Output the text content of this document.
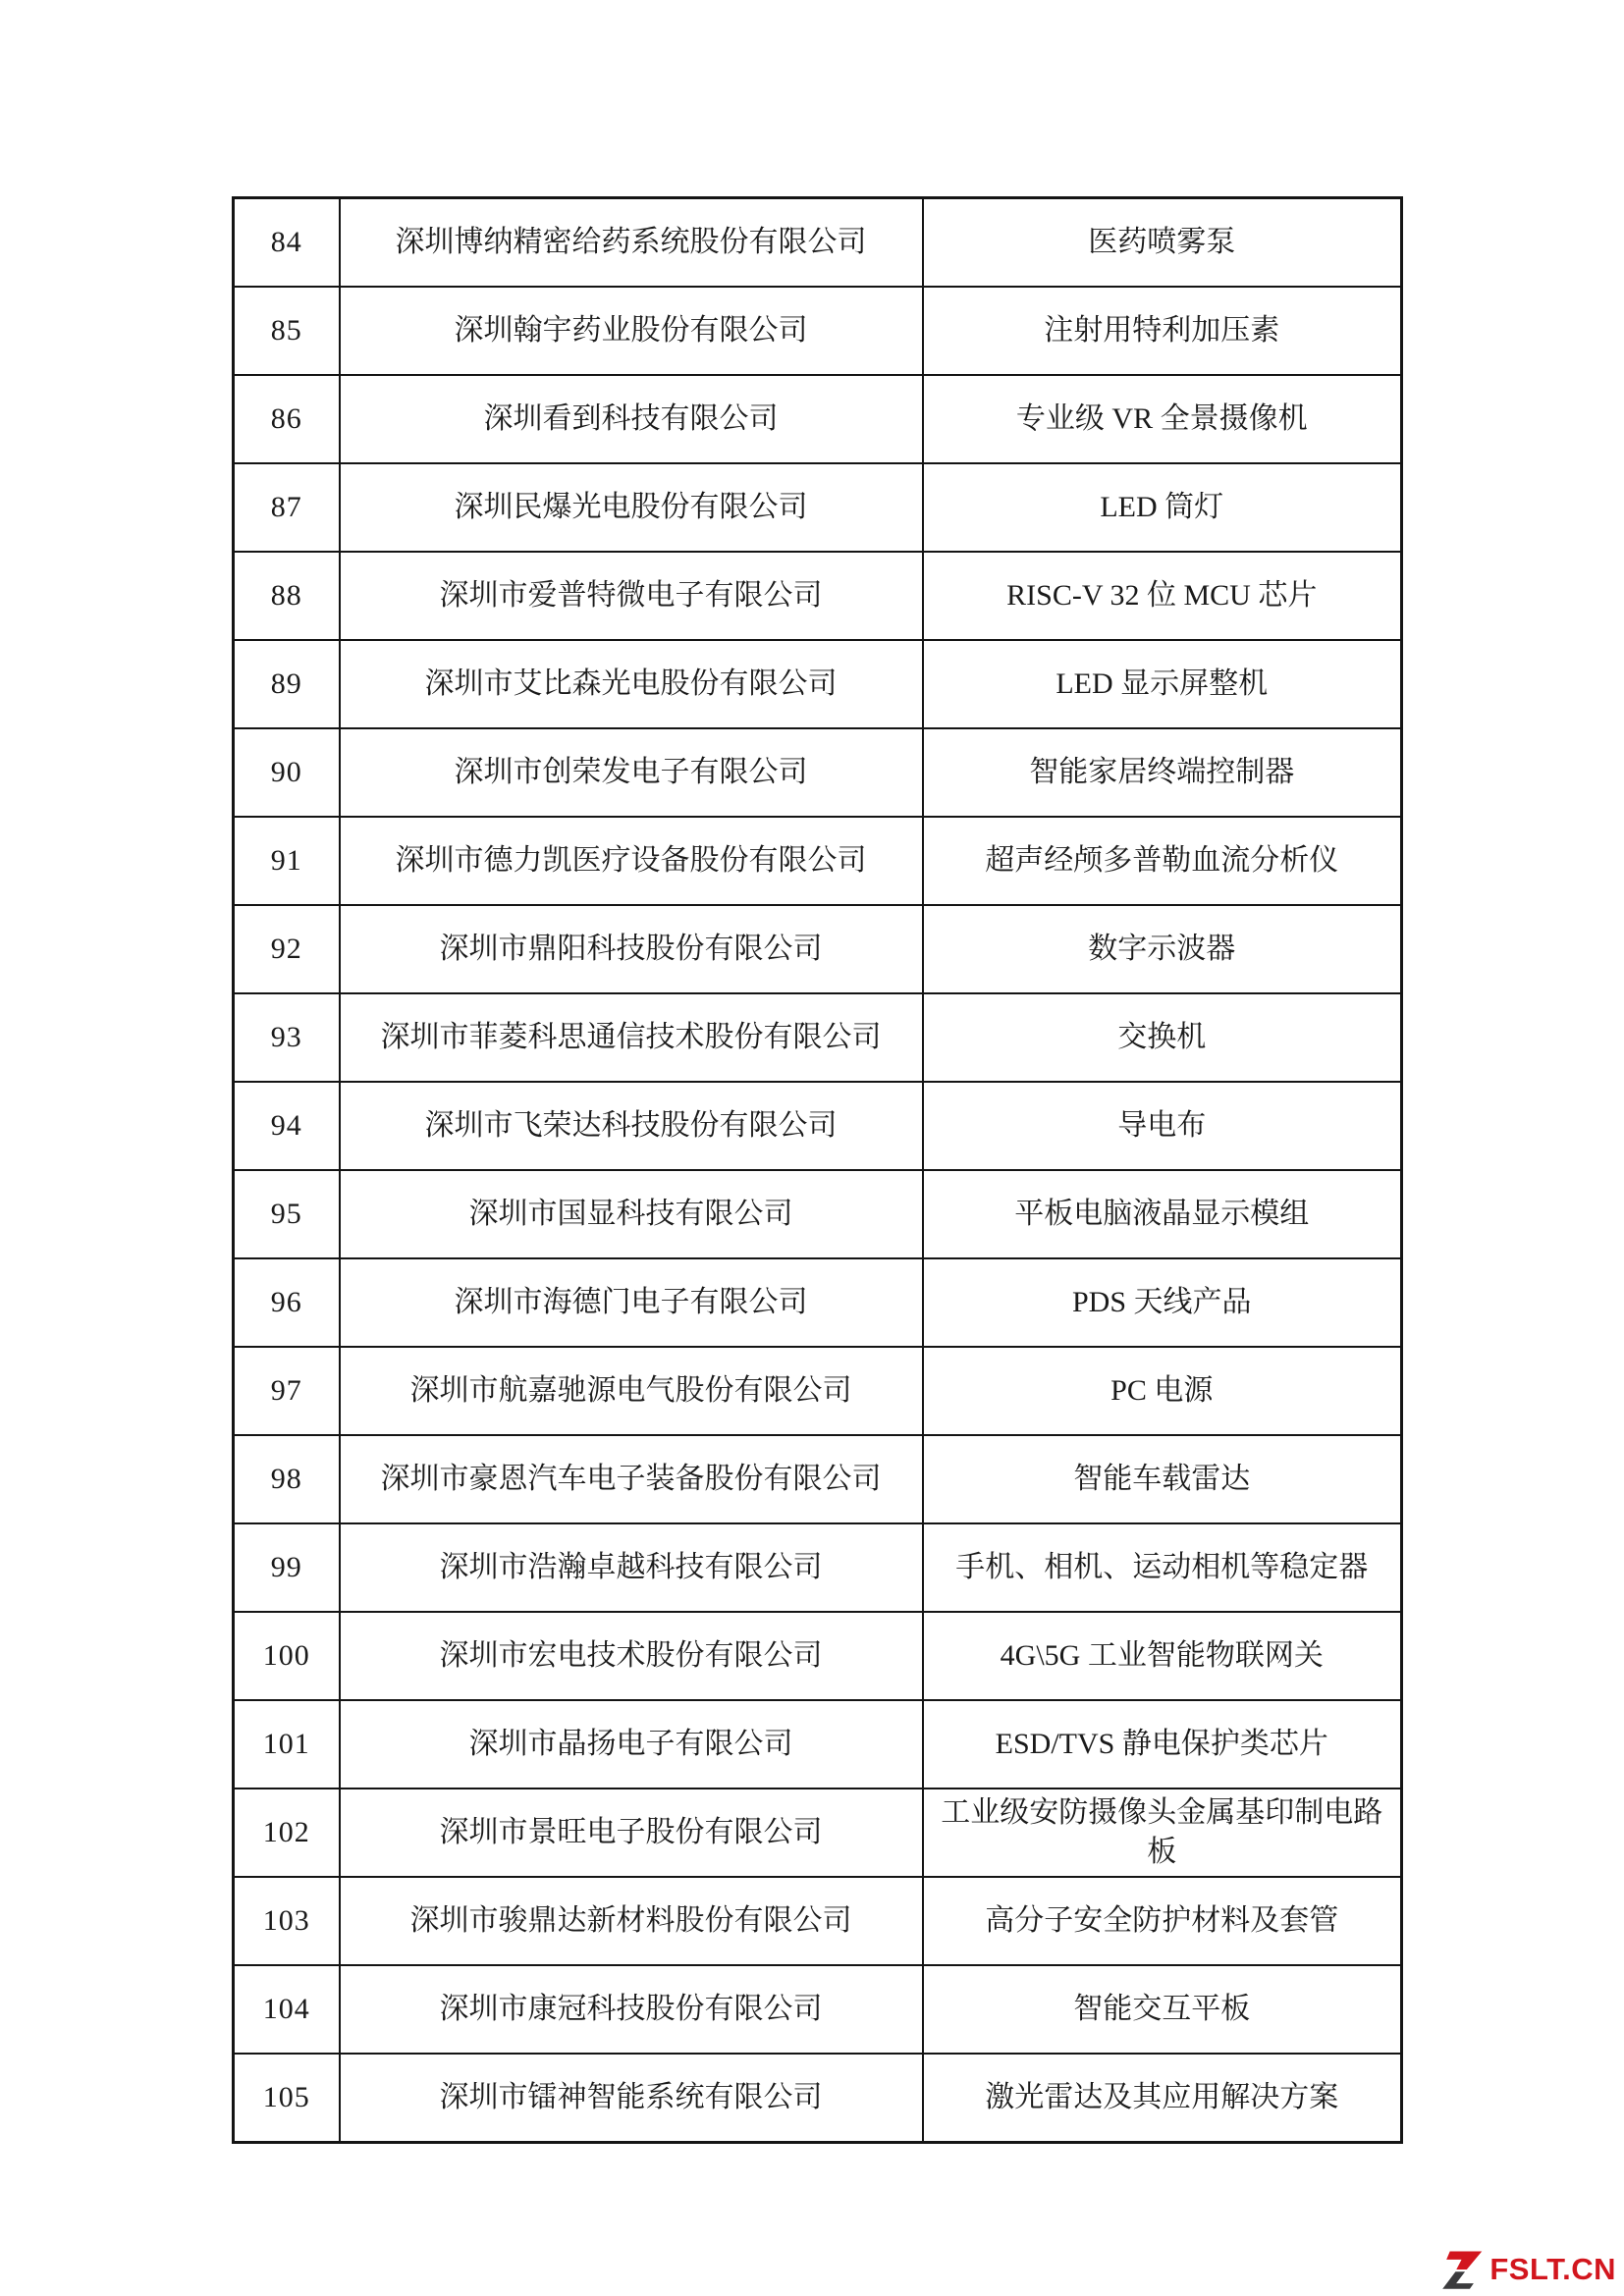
84	深圳博纳精密给药系统股份有限公司	医药喷雾泵
85	深圳翰宇药业股份有限公司	注射用特利加压素
86	深圳看到科技有限公司	专业级 VR 全景摄像机
87	深圳民爆光电股份有限公司	LED 筒灯
88	深圳市爱普特微电子有限公司	RISC-V 32 位 MCU 芯片
89	深圳市艾比森光电股份有限公司	LED 显示屏整机
90	深圳市创荣发电子有限公司	智能家居终端控制器
91	深圳市德力凯医疗设备股份有限公司	超声经颅多普勒血流分析仪
92	深圳市鼎阳科技股份有限公司	数字示波器
93	深圳市菲菱科思通信技术股份有限公司	交换机
94	深圳市飞荣达科技股份有限公司	导电布
95	深圳市国显科技有限公司	平板电脑液晶显示模组
96	深圳市海德门电子有限公司	PDS 天线产品
97	深圳市航嘉驰源电气股份有限公司	PC 电源
98	深圳市豪恩汽车电子装备股份有限公司	智能车载雷达
99	深圳市浩瀚卓越科技有限公司	手机、相机、运动相机等稳定器
100	深圳市宏电技术股份有限公司	4G\5G 工业智能物联网关
101	深圳市晶扬电子有限公司	ESD/TVS 静电保护类芯片
102	深圳市景旺电子股份有限公司	工业级安防摄像头金属基印制电路板
103	深圳市骏鼎达新材料股份有限公司	高分子安全防护材料及套管
104	深圳市康冠科技股份有限公司	智能交互平板
105	深圳市镭神智能系统有限公司	激光雷达及其应用解决方案
FSLT.CN
